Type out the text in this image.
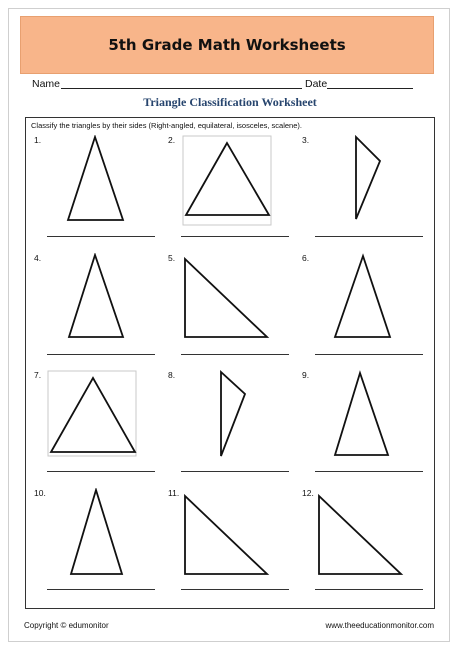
5th Grade Math Worksheets
Name	Date
Triangle Classification Worksheet
Classify the triangles by their sides (Right-angled, equilateral, isosceles, scalene).
1.	2.	3.
4.	5.	6.
7.	8.	9.
10.	11.	12.
Copyright © edumonitor	www.theeducationmonitor.com
